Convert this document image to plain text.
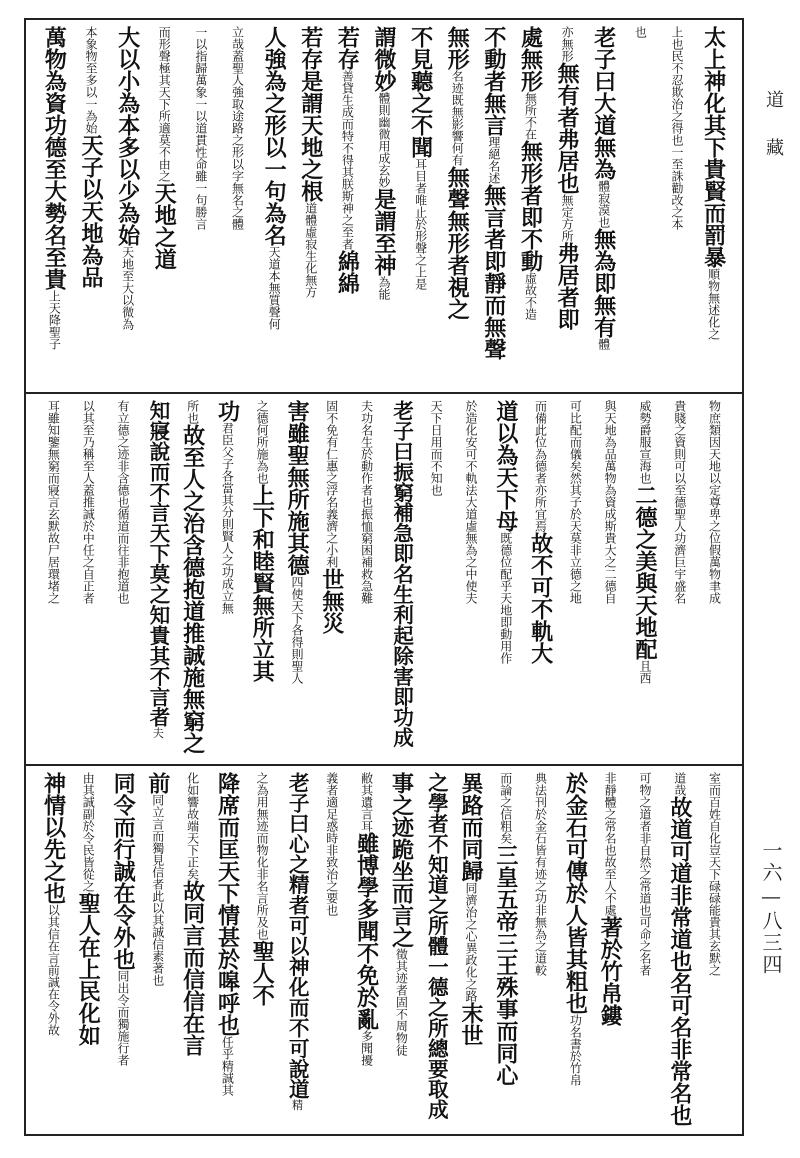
太上神化其下貴賢而罰暴
順物無述化之
上也民不忍欺治之得也一至誅勸改之本
也
老子曰大道無為
體寂漠也
無為即無有
體
亦無形
無有者弗居也
無定方所
弗居者即
處無形
無所不在
無形者即不動
虛故不造
不動者無言
理絕名述
無言者即靜而無聲
無形
名迹既無影響何有
無聲無形者視之
不見聽之不聞
耳目者唯止於形聲之上是
謂微妙
體則幽微用成玄妙
是謂至神
為能
若存
善貸生成而特不得其朕斯神之至者
綿綿
若存是謂天地之根
道體虛寂生化無方
人強為之形以一句為名
天道本無質聲何
立哉蓋聖人強取途路之形以字無名之體
一以指歸萬象一以道貫性命雖一句勝言
而形聲極其天下所適莫不由之
天地之道
大以小為本多以少為始
天地至大以微為
本象物至多以一為始
天子以天地為品
萬物為資功德至大勢名至貴
上天降聖子
物庶類因天地以定尊卑之位假萬物聿成
貴賤之資則可以至德聖人功濟巨宇盛名
威勢爵服宣海也
二德之美與天地配
且西
與天地為品萬物為資成斯貴大之二德自
可比配而儀矣然其子於天莫非立德之地
而備此位為德者亦所宜焉
故不可不軌大
道以為天下母
既德位配乎天地即動用作
於造化安可不軌法大道虛無為之中使夫
天下日用而不知也
老子曰振窮補急即名生利起除害即功成
夫功名生於動作者也振恤窮困補救急難
固不免有仁惠之浮名義濟之小利
世無災
害雖聖無所施其德
四使天下各得則聖人
之德何所施為也
上下和睦賢無所立其
功
君臣父子各當其分則賢人之功成立無
所也
故至人之治含德抱道推誠施無窮之
知寢說而不言天下莫之知貴其不言者
夫
有立德之迹非含德也循道而往非抱道也
以其至乃稱至人蓋推誠於中任之自正者
耳雖知鑒無窮而寢言玄默故尸居環堵之
室而百姓自化豈天下碌碌能貴其玄默之
道哉
故道可道非常道也名可名非常名也
可物之道者非自然之常道也可命之名者
非靜體之常名也故至人不處
著於竹帛鏤
於金石可傳於人皆其粗也
功名書於竹帛
典法刊於金石皆有迹之功非無為之道較
而論之信粗矣
三皇五帝三王殊事而同心
異路而同歸
同濟治之心異政化之路
末世
之學者不知道之所體一德之所總要取成
事之迹跪坐而言之
徵其迹者固不周物徒
敝其遺言耳
雖博學多聞不免於亂
多聞擾
義者適足惑時非致治之要也
老子曰心之精者可以神化而不可說道
精
之為用無迹而物化非名言所及也
聖人不
降席而匡天下情甚於嗥呼也
任乎精誠其
化如響故端天下正矣
故同言而信信在言
前
同立言而獨見信者此以其誠信素著也
同令而行誠在令外也
同出令而獨施行者
由其誠副於令民皆從之
聖人在上民化如
神情以先之也
以其信在言前誠在令外故
道藏
一六—八三四
